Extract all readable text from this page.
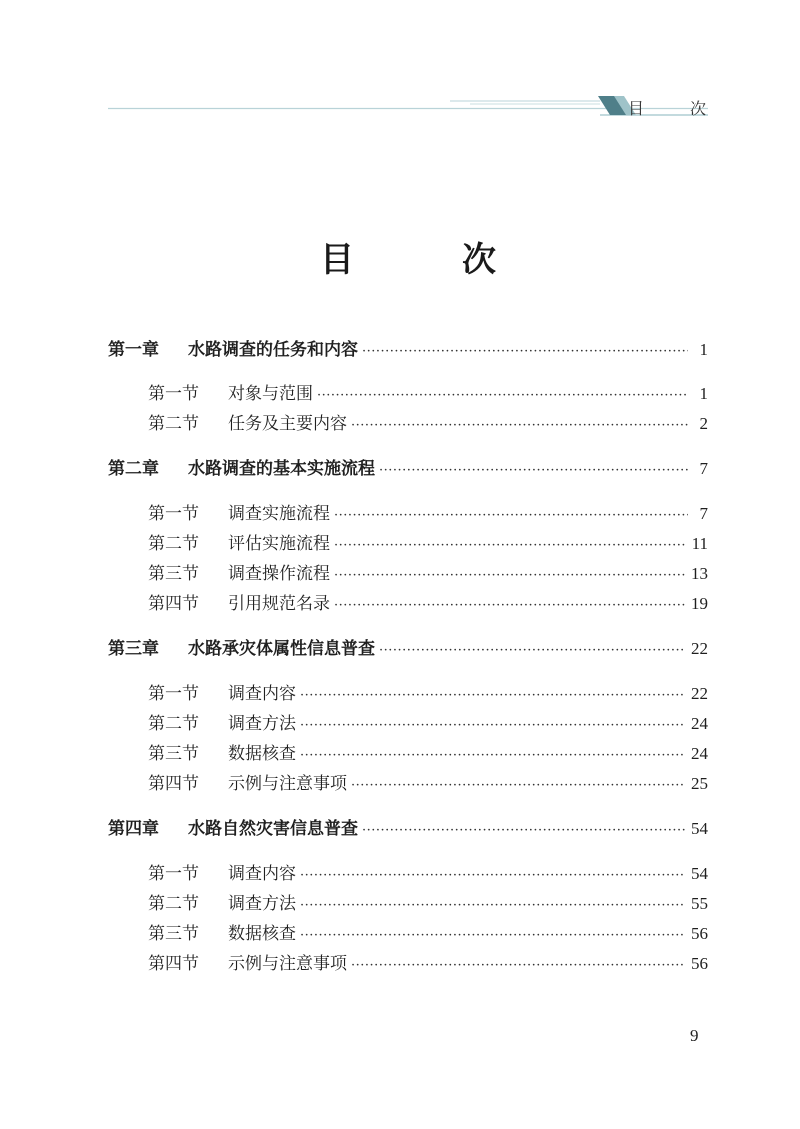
目	次
目	次
第一章	水路调查的任务和内容 ·····	1
第一节	对象与范围 ·····	1
第二节	任务及主要内容 ·····	2
第二章	水路调查的基本实施流程 ·····	7
第一节	调查实施流程 ·····	7
第二节	评估实施流程 ·····	11
第三节	调查操作流程 ·····	13
第四节	引用规范名录 ·····	19
第三章	水路承灾体属性信息普查 ·····	22
第一节	调查内容 ·····	22
第二节	调查方法 ·····	24
第三节	数据核查 ·····	24
第四节	示例与注意事项 ·····	25
第四章	水路自然灾害信息普查 ·····	54
第一节	调查内容 ·····	54
第二节	调查方法 ·····	55
第三节	数据核查 ·····	56
第四节	示例与注意事项 ·····	56
9
